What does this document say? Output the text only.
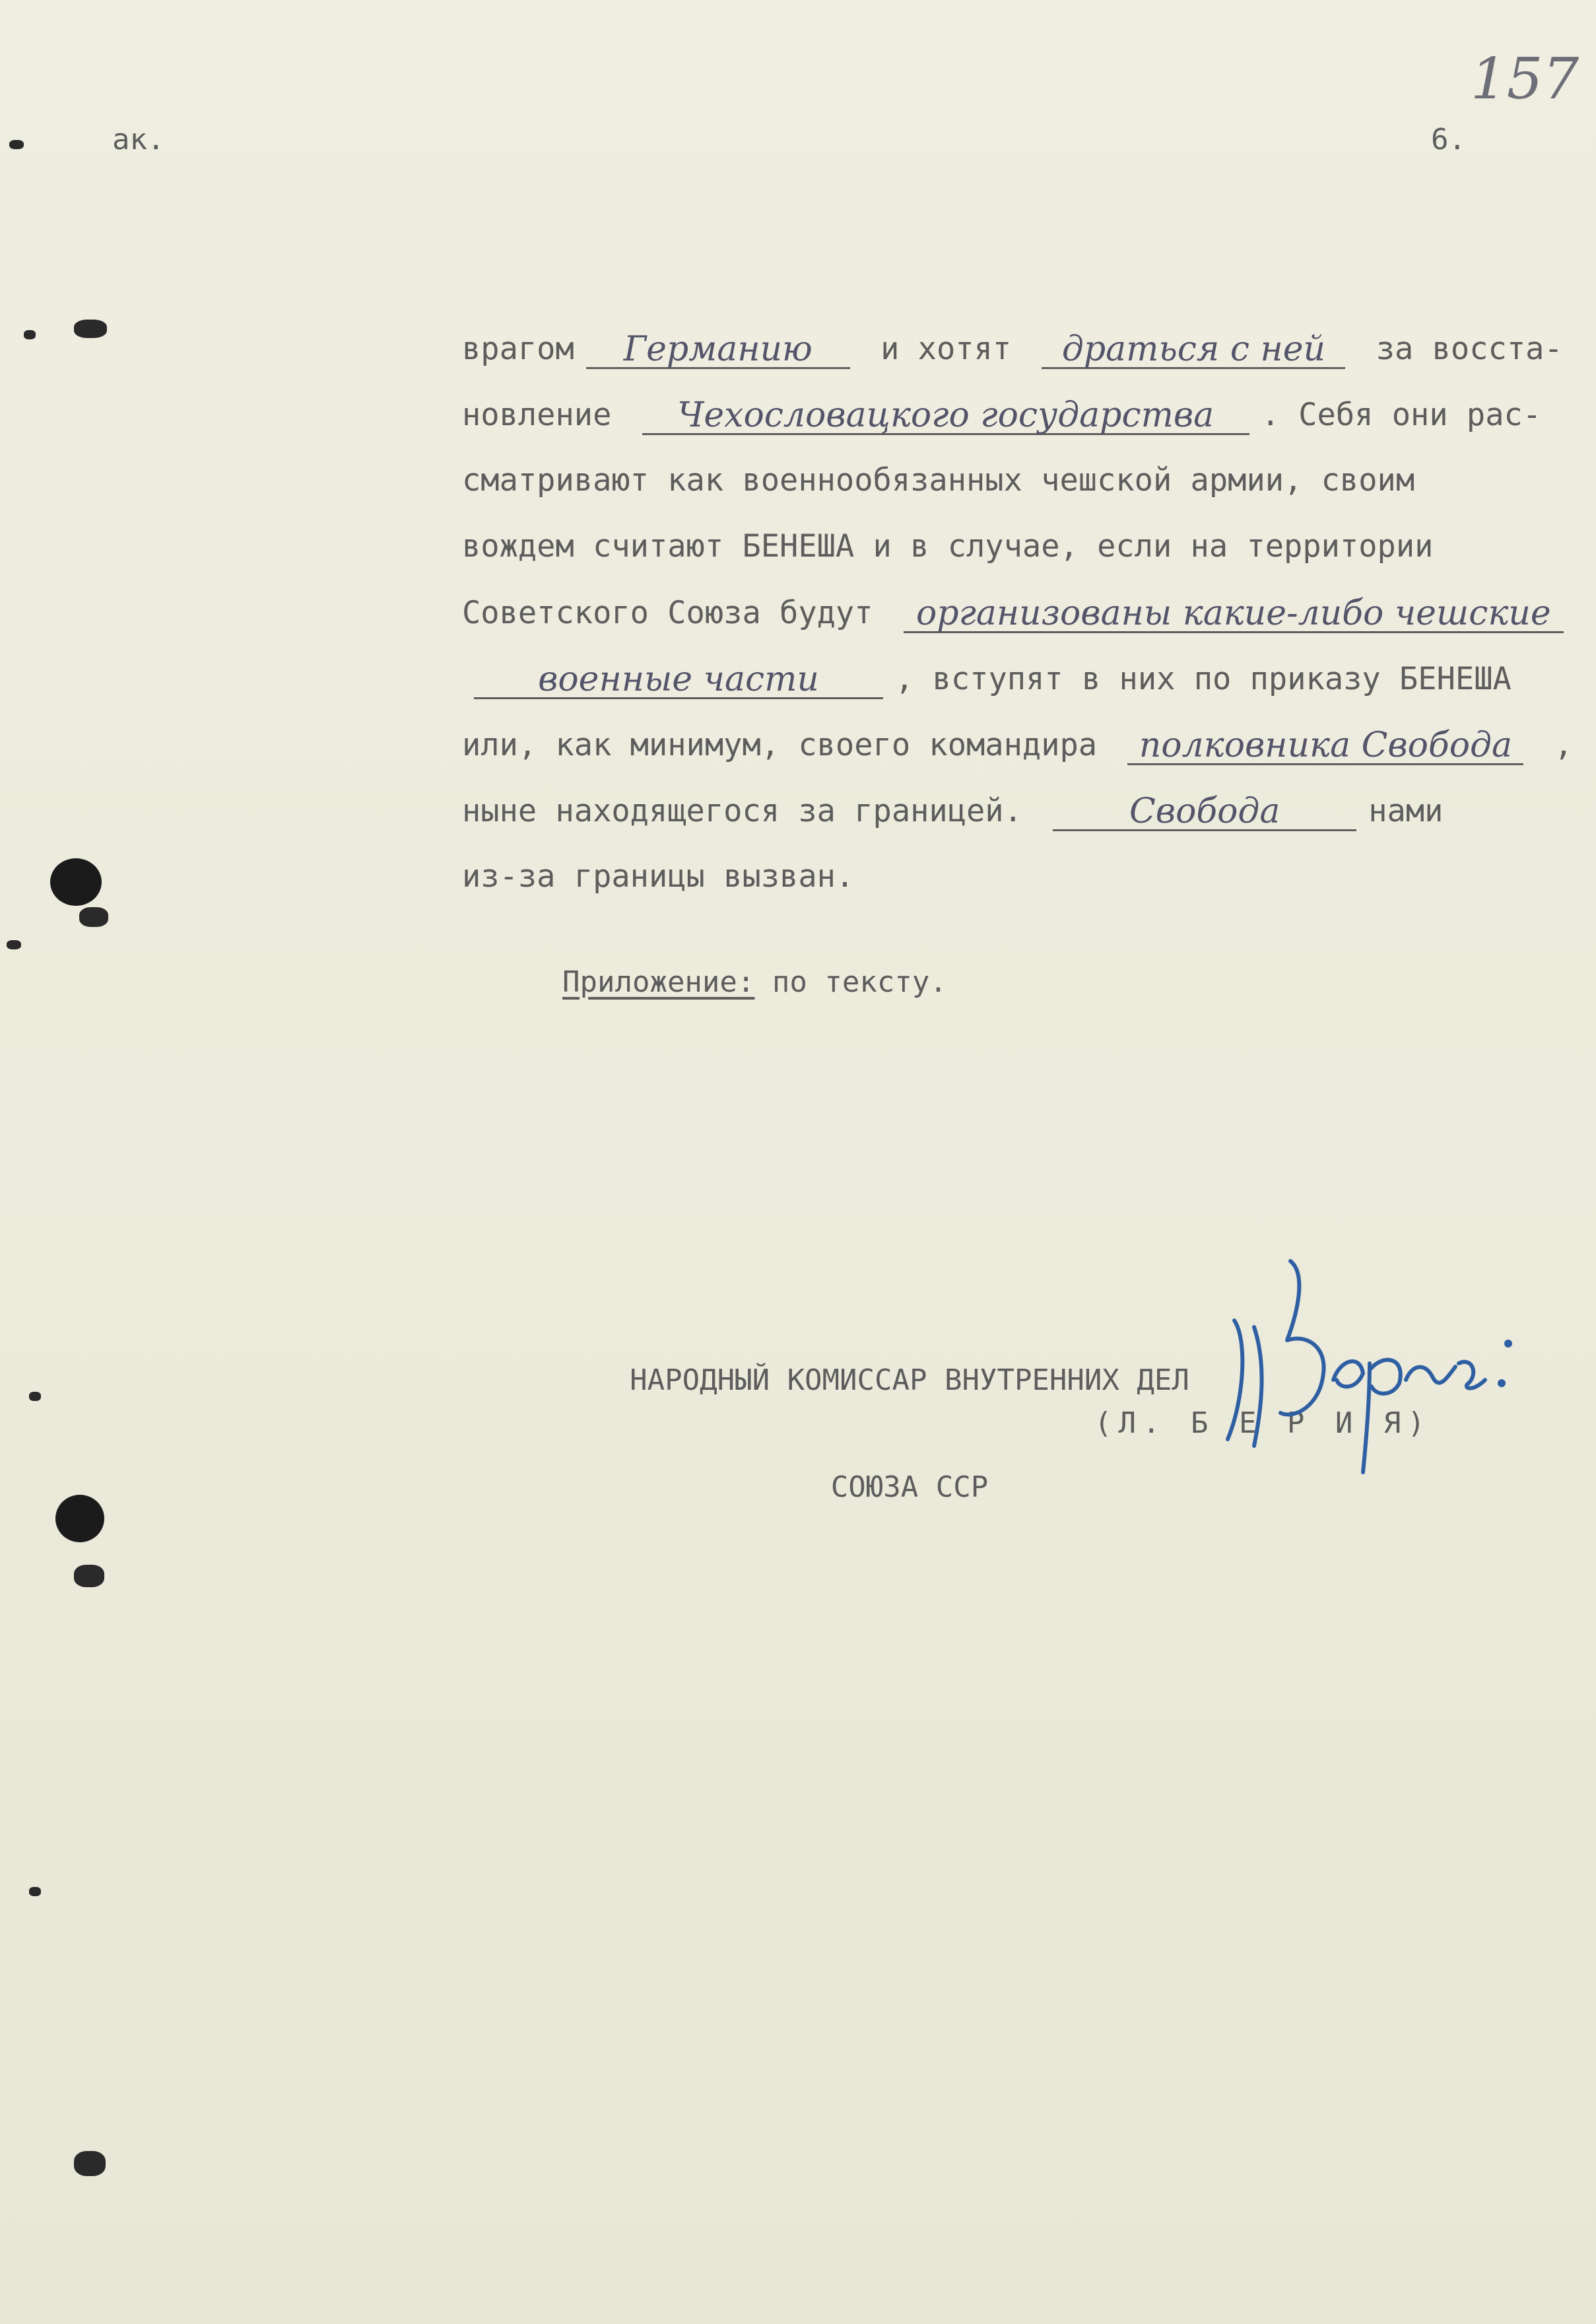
157
ак.	6.
врагом	Германию	и хотят драться с ней	за восста-
новление	Чехословацкого государства	. Себя они рас-
сматривают как военнообязанных чешской армии, своим
вождем считают БЕНЕША и в случае, если на территории
Советского Союза будут организованы какие-либо чешские
военные части	, вступят в них по приказу БЕНЕША
или, как минимум, своего командира полковника Свобода ,
ныне находящегося за границей.	Свобода	нами
из-за границы вызван.
Приложение: по тексту.

НАРОДНЫЙ КОМИССАР ВНУТРЕННИХ ДЕЛ

СОЮЗА ССР

(Л. Б Е Р И Я)
